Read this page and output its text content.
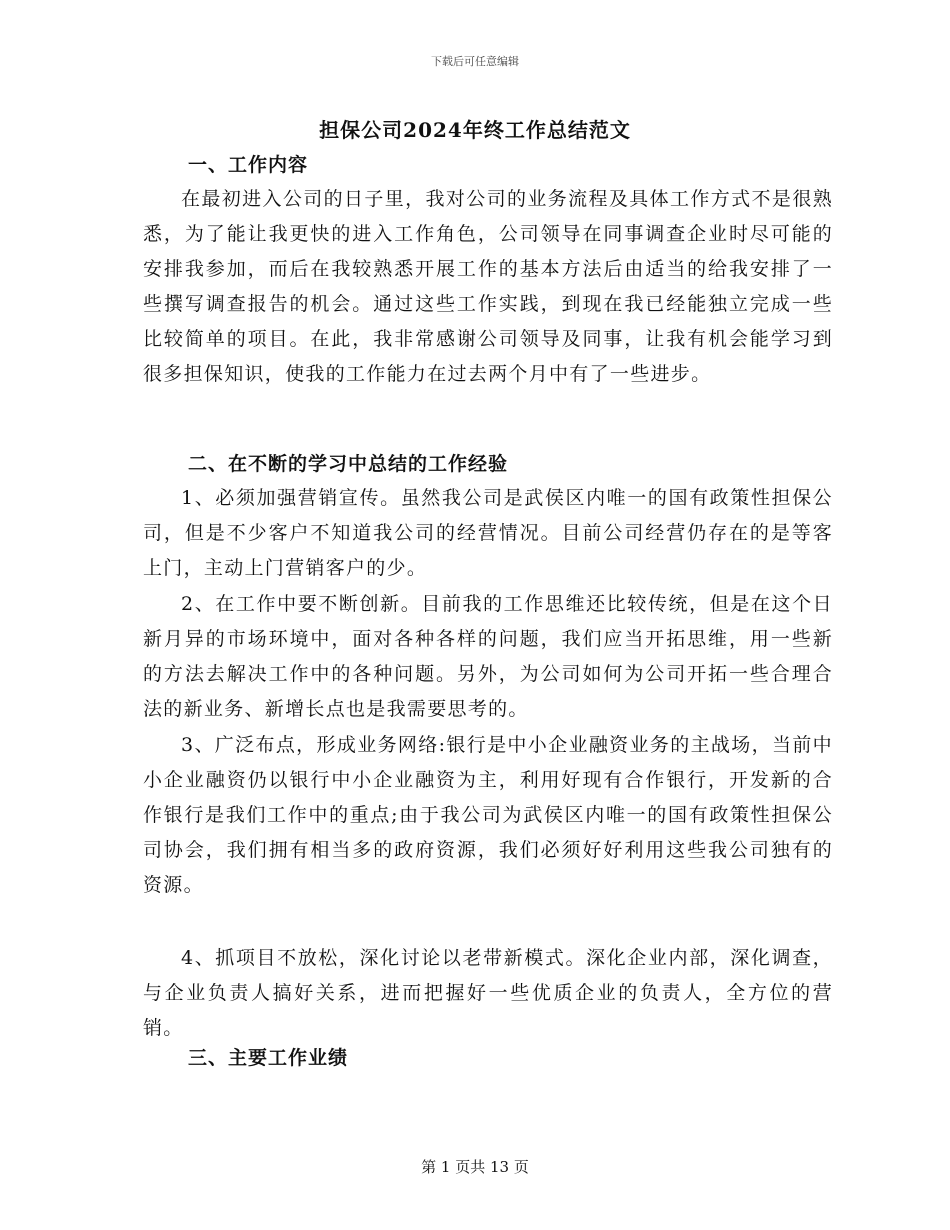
下载后可任意编辑
担保公司2024年终工作总结范文
一、工作内容

在最初进入公司的日子里，我对公司的业务流程及具体工作方式不是很熟悉，为了能让我更快的进入工作角色，公司领导在同事调查企业时尽可能的安排我参加，而后在我较熟悉开展工作的基本方法后由适当的给我安排了一些撰写调查报告的机会。通过这些工作实践，到现在我已经能独立完成一些比较简单的项目。在此，我非常感谢公司领导及同事，让我有机会能学习到很多担保知识，使我的工作能力在过去两个月中有了一些进步。

二、在不断的学习中总结的工作经验

1、必须加强营销宣传。虽然我公司是武侯区内唯一的国有政策性担保公司，但是不少客户不知道我公司的经营情况。目前公司经营仍存在的是等客上门，主动上门营销客户的少。

2、在工作中要不断创新。目前我的工作思维还比较传统，但是在这个日新月异的市场环境中，面对各种各样的问题，我们应当开拓思维，用一些新的方法去解决工作中的各种问题。另外，为公司如何为公司开拓一些合理合法的新业务、新增长点也是我需要思考的。

3、广泛布点，形成业务网络:银行是中小企业融资业务的主战场，当前中小企业融资仍以银行中小企业融资为主，利用好现有合作银行，开发新的合作银行是我们工作中的重点;由于我公司为武侯区内唯一的国有政策性担保公司协会，我们拥有相当多的政府资源，我们必须好好利用这些我公司独有的资源。

4、抓项目不放松，深化讨论以老带新模式。深化企业内部，深化调查，与企业负责人搞好关系，进而把握好一些优质企业的负责人，全方位的营销。

三、主要工作业绩
第 1 页共 13 页
